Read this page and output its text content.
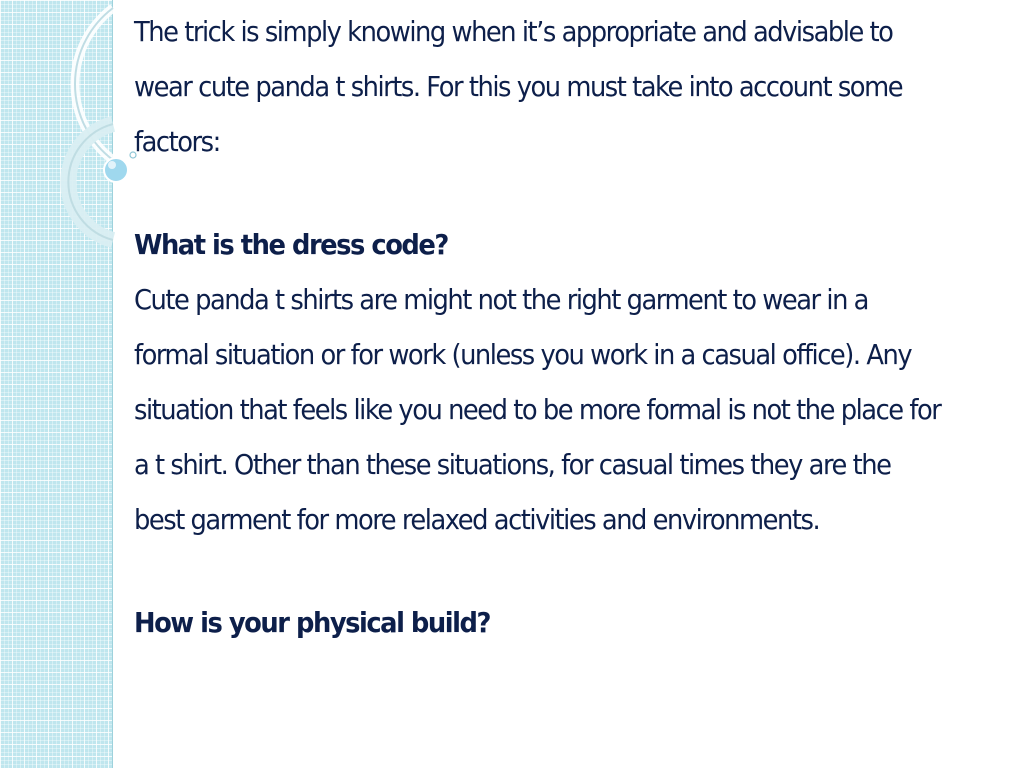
The trick is simply knowing when it’s appropriate and advisable to wear cute panda t shirts. For this you must take into account some factors:

What is the dress code?

Cute panda t shirts are might not the right garment to wear in a formal situation or for work (unless you work in a casual office). Any situation that feels like you need to be more formal is not the place for a t shirt. Other than these situations, for casual times they are the best garment for more relaxed activities and environments.

How is your physical build?
